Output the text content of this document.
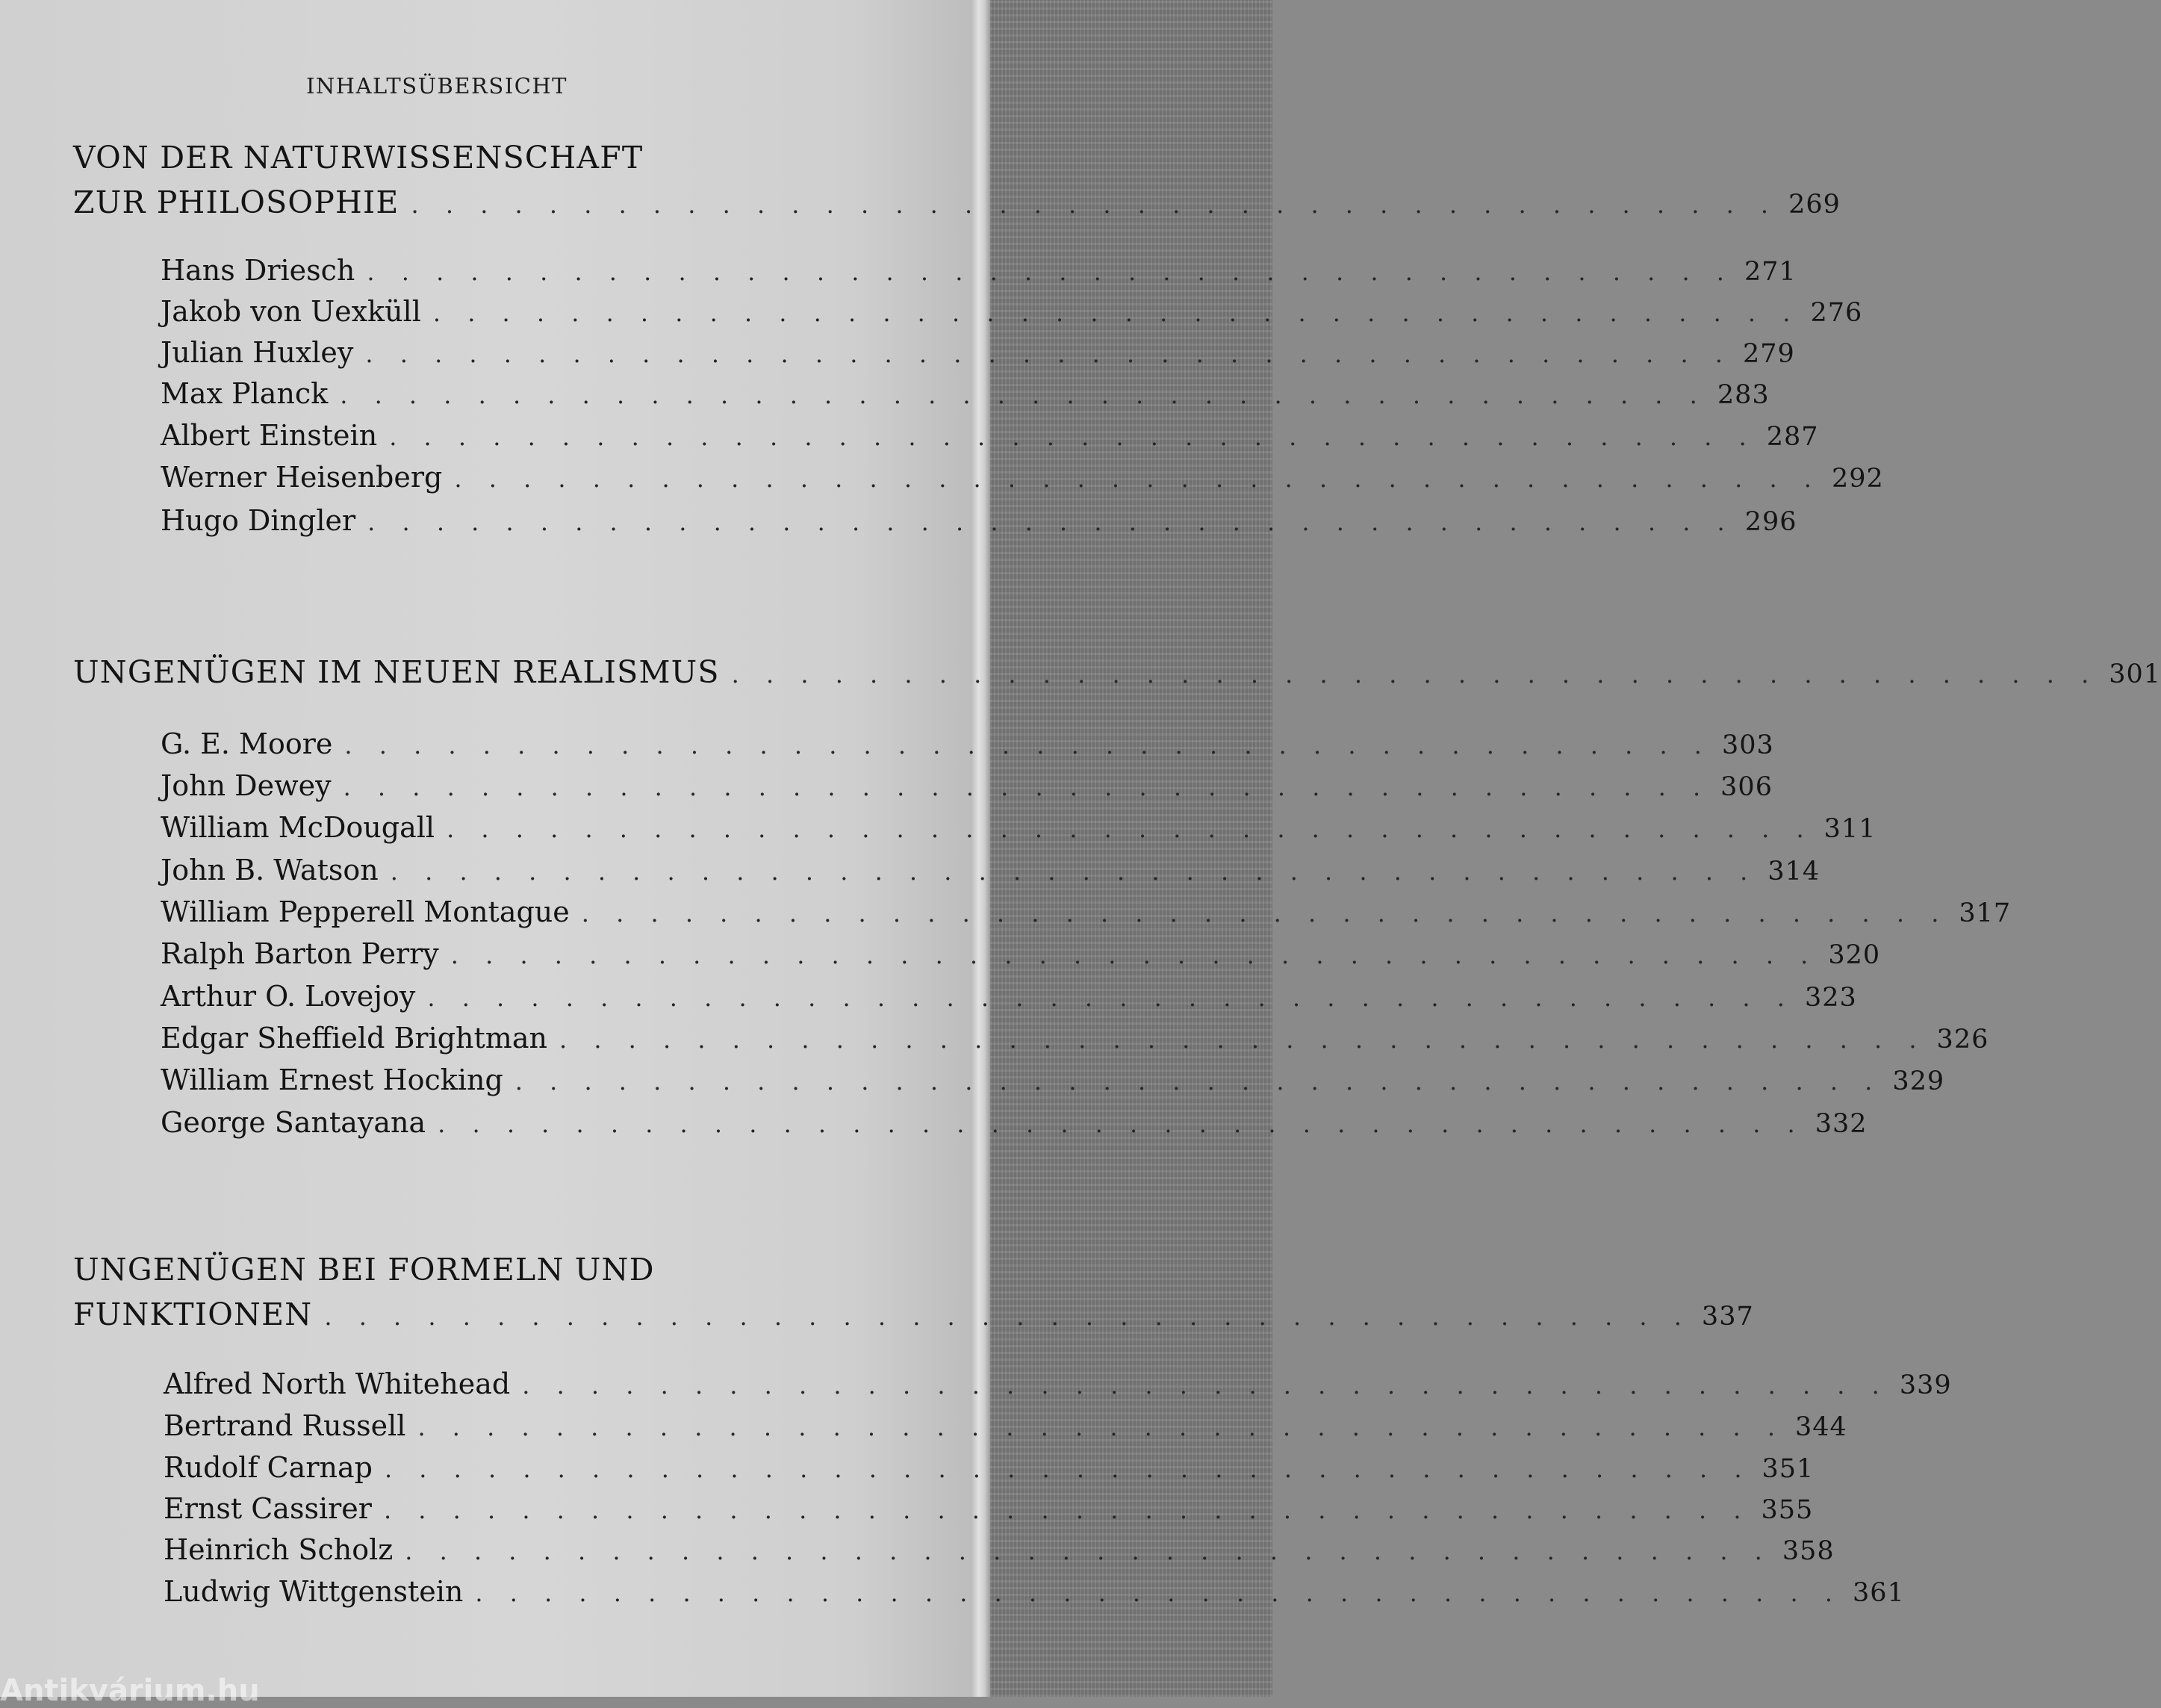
INHALTSÜBERSICHT
VON DER NATURWISSENSCHAFT
ZUR PHILOSOPHIE . . . . . . . . . . . . . . . . . . . . . . . . . . . . . . . . . . . . . . . . 269
Hans Driesch . . . . . . . . . . . . . . . . . . . . . . . . . . . . . . . . . . . . . . . . 271
Jakob von Uexküll . . . . . . . . . . . . . . . . . . . . . . . . . . . . . . . . . . . . . . . . 276
Julian Huxley . . . . . . . . . . . . . . . . . . . . . . . . . . . . . . . . . . . . . . . . 279
Max Planck . . . . . . . . . . . . . . . . . . . . . . . . . . . . . . . . . . . . . . . . 283
Albert Einstein . . . . . . . . . . . . . . . . . . . . . . . . . . . . . . . . . . . . . . . . 287
Werner Heisenberg . . . . . . . . . . . . . . . . . . . . . . . . . . . . . . . . . . . . . . . . 292
Hugo Dingler . . . . . . . . . . . . . . . . . . . . . . . . . . . . . . . . . . . . . . . . 296
UNGENÜGEN IM NEUEN REALISMUS . . . . . . . . . . . . . . . . . . . . . . . . . . . . . . . . . . . . . . . . 301
G. E. Moore . . . . . . . . . . . . . . . . . . . . . . . . . . . . . . . . . . . . . . . . 303
John Dewey . . . . . . . . . . . . . . . . . . . . . . . . . . . . . . . . . . . . . . . . 306
William McDougall . . . . . . . . . . . . . . . . . . . . . . . . . . . . . . . . . . . . . . . . 311
John B. Watson . . . . . . . . . . . . . . . . . . . . . . . . . . . . . . . . . . . . . . . . 314
William Pepperell Montague . . . . . . . . . . . . . . . . . . . . . . . . . . . . . . . . . . . . . . . . 317
Ralph Barton Perry . . . . . . . . . . . . . . . . . . . . . . . . . . . . . . . . . . . . . . . . 320
Arthur O. Lovejoy . . . . . . . . . . . . . . . . . . . . . . . . . . . . . . . . . . . . . . . . 323
Edgar Sheffield Brightman . . . . . . . . . . . . . . . . . . . . . . . . . . . . . . . . . . . . . . . . 326
William Ernest Hocking . . . . . . . . . . . . . . . . . . . . . . . . . . . . . . . . . . . . . . . . 329
George Santayana . . . . . . . . . . . . . . . . . . . . . . . . . . . . . . . . . . . . . . . . 332
UNGENÜGEN BEI FORMELN UND
FUNKTIONEN . . . . . . . . . . . . . . . . . . . . . . . . . . . . . . . . . . . . . . . . 337
Alfred North Whitehead . . . . . . . . . . . . . . . . . . . . . . . . . . . . . . . . . . . . . . . . 339
Bertrand Russell . . . . . . . . . . . . . . . . . . . . . . . . . . . . . . . . . . . . . . . . 344
Rudolf Carnap . . . . . . . . . . . . . . . . . . . . . . . . . . . . . . . . . . . . . . . . 351
Ernst Cassirer . . . . . . . . . . . . . . . . . . . . . . . . . . . . . . . . . . . . . . . . 355
Heinrich Scholz . . . . . . . . . . . . . . . . . . . . . . . . . . . . . . . . . . . . . . . . 358
Ludwig Wittgenstein . . . . . . . . . . . . . . . . . . . . . . . . . . . . . . . . . . . . . . . . 361
Antikvárium.hu
